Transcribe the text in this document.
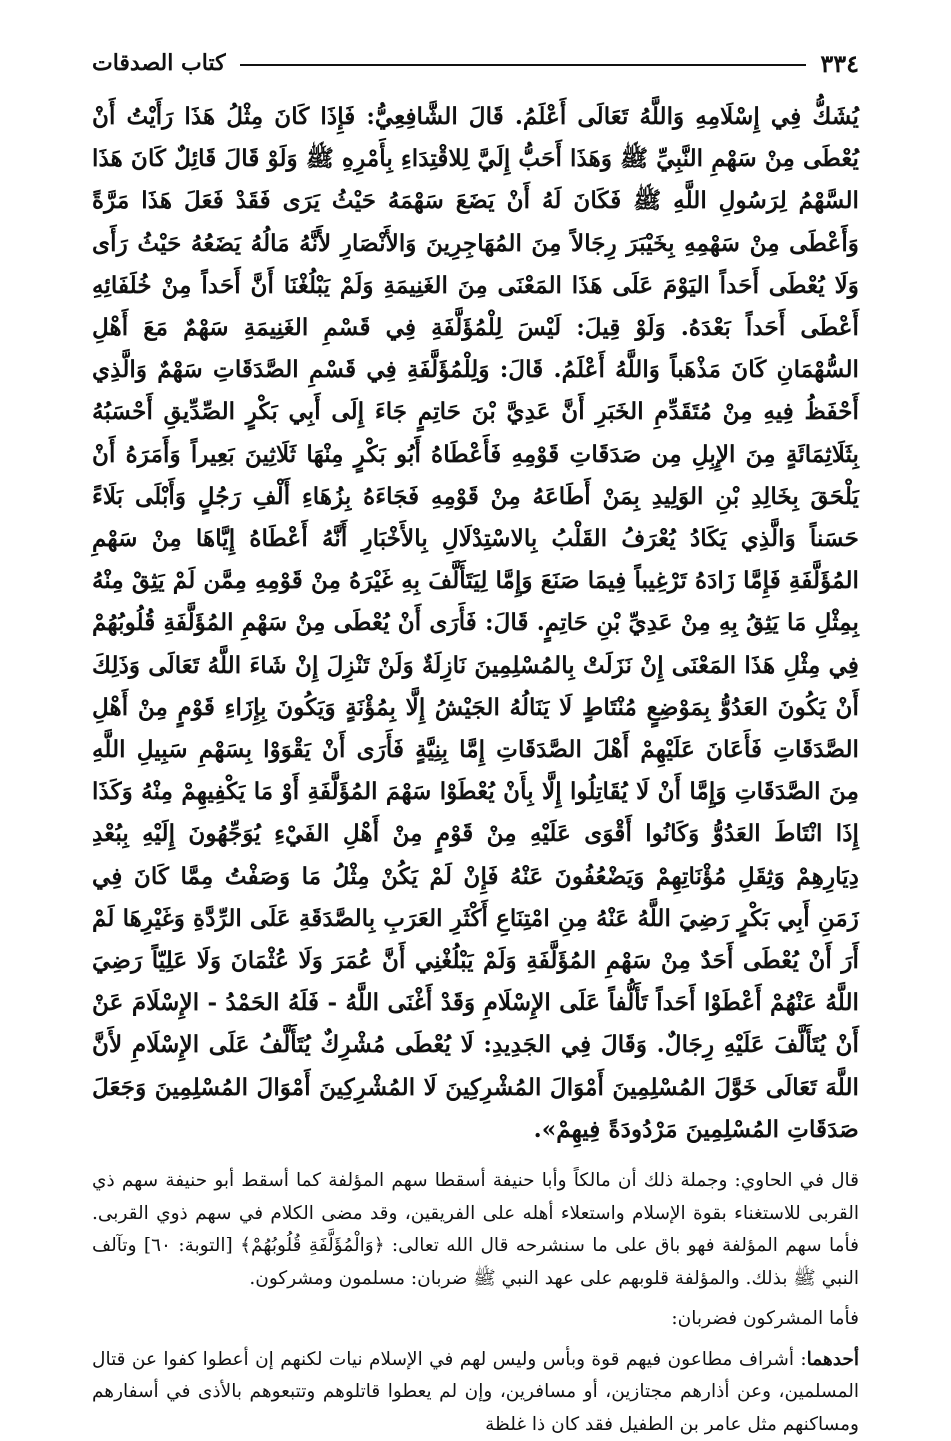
٣٣٤
كتاب الصدقات

يُشَكُّ فِي إِسْلَامِهِ وَاللَّهُ تَعَالَى أَعْلَمُ. قَالَ الشَّافِعِيُّ: فَإِذَا كَانَ مِثْلُ هَذَا رَأَيْتُ أَنْ يُعْطَى مِنْ سَهْمِ النَّبِيِّ ﷺ وَهَذَا أَحَبُّ إِلَيَّ لِلاقْتِدَاءِ بِأَمْرِهِ ﷺ وَلَوْ قَالَ قَائِلٌ كَانَ هَذَا السَّهْمُ لِرَسُولِ اللَّهِ ﷺ فَكَانَ لَهُ أَنْ يَضَعَ سَهْمَهُ حَيْثُ يَرَى فَقَدْ فَعَلَ هَذَا مَرَّةً وَأَعْطَى مِنْ سَهْمِهِ بِخَيْبَرَ رِجَالاً مِنَ المُهَاجِرِينَ وَالأَنْصَارِ لأَنَّهُ مَالُهُ يَضَعُهُ حَيْثُ رَأَى وَلَا يُعْطَى أَحَداً اليَوْمَ عَلَى هَذَا المَعْنَى مِنَ الغَنِيمَةِ وَلَمْ يَبْلُغْنَا أَنَّ أَحَداً مِنْ خُلَفَائِهِ أَعْطَى أَحَداً بَعْدَهُ. وَلَوْ قِيلَ: لَيْسَ لِلْمُؤَلَّفَةِ فِي قَسْمِ الغَنِيمَةِ سَهْمٌ مَعَ أَهْلِ السُّهْمَانِ كَانَ مَذْهَباً وَاللَّهُ أَعْلَمُ. قَالَ: وَلِلْمُؤَلَّفَةِ فِي قَسْمِ الصَّدَقَاتِ سَهْمٌ وَالَّذِي أَحْفَظُ فِيهِ مِنْ مُتَقَدِّمِ الخَبَرِ أَنَّ عَدِيَّ بْنَ حَاتِمٍ جَاءَ إِلَى أَبِي بَكْرٍ الصِّدِّيقِ أَحْسَبُهُ بِثَلَاثِمَائَةٍ مِنَ الإِبِلِ مِن صَدَقَاتِ قَوْمِهِ فَأَعْطَاهُ أَبُو بَكْرٍ مِنْهَا ثَلَاثِينَ بَعِيراً وَأَمَرَهُ أَنْ يَلْحَقَ بِخَالِدِ بْنِ الوَلِيدِ بِمَنْ أَطَاعَهُ مِنْ قَوْمِهِ فَجَاءَهُ بِزُهَاءِ أَلْفِ رَجُلٍ وَأَبْلَى بَلَاءً حَسَناً وَالَّذِي يَكَادُ يُعْرَفُ القَلْبُ بِالاسْتِدْلَالِ بِالأَخْبَارِ أَنَّهُ أَعْطَاهُ إِيَّاهَا مِنْ سَهْمِ المُؤَلَّفَةِ فَإِمَّا زَادَهُ تَرْغِيباً فِيمَا صَنَعَ وَإِمَّا لِيَتَأَلَّفَ بِهِ غَيْرَهُ مِنْ قَوْمِهِ مِمَّن لَمْ يَثِقْ مِنْهُ بِمِثْلِ مَا يَثِقُ بِهِ مِنْ عَدِيِّ بْنِ حَاتِمٍ. قَالَ: فَأَرَى أَنْ يُعْطَى مِنْ سَهْمِ المُؤَلَّفَةِ قُلُوبُهُمْ فِي مِثْلِ هَذَا المَعْنَى إِنْ نَزَلَتْ بِالمُسْلِمِينَ نَازِلَةٌ وَلَنْ تَنْزِلَ إِنْ شَاءَ اللَّهُ تَعَالَى وَذَلِكَ أَنْ يَكُونَ العَدُوُّ بِمَوْضِعٍ مُنْتَاطٍ لَا يَنَالُهُ الجَيْشُ إِلَّا بِمُؤْنَةٍ وَيَكُونَ بِإِزَاءِ قَوْمٍ مِنْ أَهْلِ الصَّدَقَاتِ فَأَعَانَ عَلَيْهِمْ أَهْلَ الصَّدَقَاتِ إِمَّا بِنِيَّةٍ فَأَرَى أَنْ يَقْوَوْا بِسَهْمِ سَبِيلِ اللَّهِ مِنَ الصَّدَقَاتِ وَإِمَّا أَنْ لَا يُقَاتِلُوا إِلَّا بِأَنْ يُعْطَوْا سَهْمَ المُؤَلَّفَةِ أَوْ مَا يَكْفِيهِمْ مِنْهُ وَكَذَا إِذَا انْتَاطَ العَدُوُّ وَكَانُوا أَقْوَى عَلَيْهِ مِنْ قَوْمٍ مِنْ أَهْلِ الفَيْءِ يُوَجِّهُونَ إِلَيْهِ بِبُعْدِ دِيَارِهِمْ وَثِقَلِ مُؤْنَاتِهِمْ وَيَضْعُفُونَ عَنْهُ فَإِنْ لَمْ يَكُنْ مِثْلُ مَا وَصَفْتُ مِمَّا كَانَ فِي زَمَنِ أَبِي بَكْرٍ رَضِيَ اللَّهُ عَنْهُ مِنِ امْتِنَاعِ أَكْثَرِ العَرَبِ بِالصَّدَقَةِ عَلَى الرِّدَّةِ وَغَيْرِهَا لَمْ أَرَ أَنْ يُعْطَى أَحَدٌ مِنْ سَهْمِ المُؤَلَّفَةِ وَلَمْ يَبْلُغْنِي أَنَّ عُمَرَ وَلَا عُثْمَانَ وَلَا عَلِيّاً رَضِيَ اللَّهُ عَنْهُمْ أَعْطَوْا أَحَداً تَأَلُّفاً عَلَى الإِسْلَامِ وَقَدْ أَغْنَى اللَّهُ - فَلَهُ الحَمْدُ - الإِسْلَامَ عَنْ أَنْ يُتَأَلَّفَ عَلَيْهِ رِجَالٌ. وَقَالَ فِي الجَدِيدِ: لَا يُعْطَى مُشْرِكٌ يُتَأَلَّفُ عَلَى الإِسْلَامِ لأَنَّ اللَّهَ تَعَالَى خَوَّلَ المُسْلِمِينَ أَمْوَالَ المُشْرِكِينَ لَا المُشْرِكِينَ أَمْوَالَ المُسْلِمِينَ وَجَعَلَ صَدَقَاتِ المُسْلِمِينَ مَرْدُودَةً فِيهِمْ».

قال في الحاوي: وجملة ذلك أن مالكاً وأبا حنيفة أسقطا سهم المؤلفة كما أسقط أبو حنيفة سهم ذي القربى للاستغناء بقوة الإسلام واستعلاء أهله على الفريقين، وقد مضى الكلام في سهم ذوي القربى. فأما سهم المؤلفة فهو باق على ما سنشرحه قال الله تعالى: ﴿وَالْمُؤَلَّفَةِ قُلُوبُهُمْ﴾ [التوبة: ٦٠] وتآلف النبي ﷺ بذلك. والمؤلفة قلوبهم على عهد النبي ﷺ ضربان: مسلمون ومشركون.

فأما المشركون فضربان:

أحدهما: أشراف مطاعون فيهم قوة وبأس وليس لهم في الإسلام نيات لكنهم إن أعطوا كفوا عن قتال المسلمين، وعن أذارهم مجتازين، أو مسافرين، وإن لم يعطوا قاتلوهم وتتبعوهم بالأذى في أسفارهم ومساكنهم مثل عامر بن الطفيل فقد كان ذا غلظة
